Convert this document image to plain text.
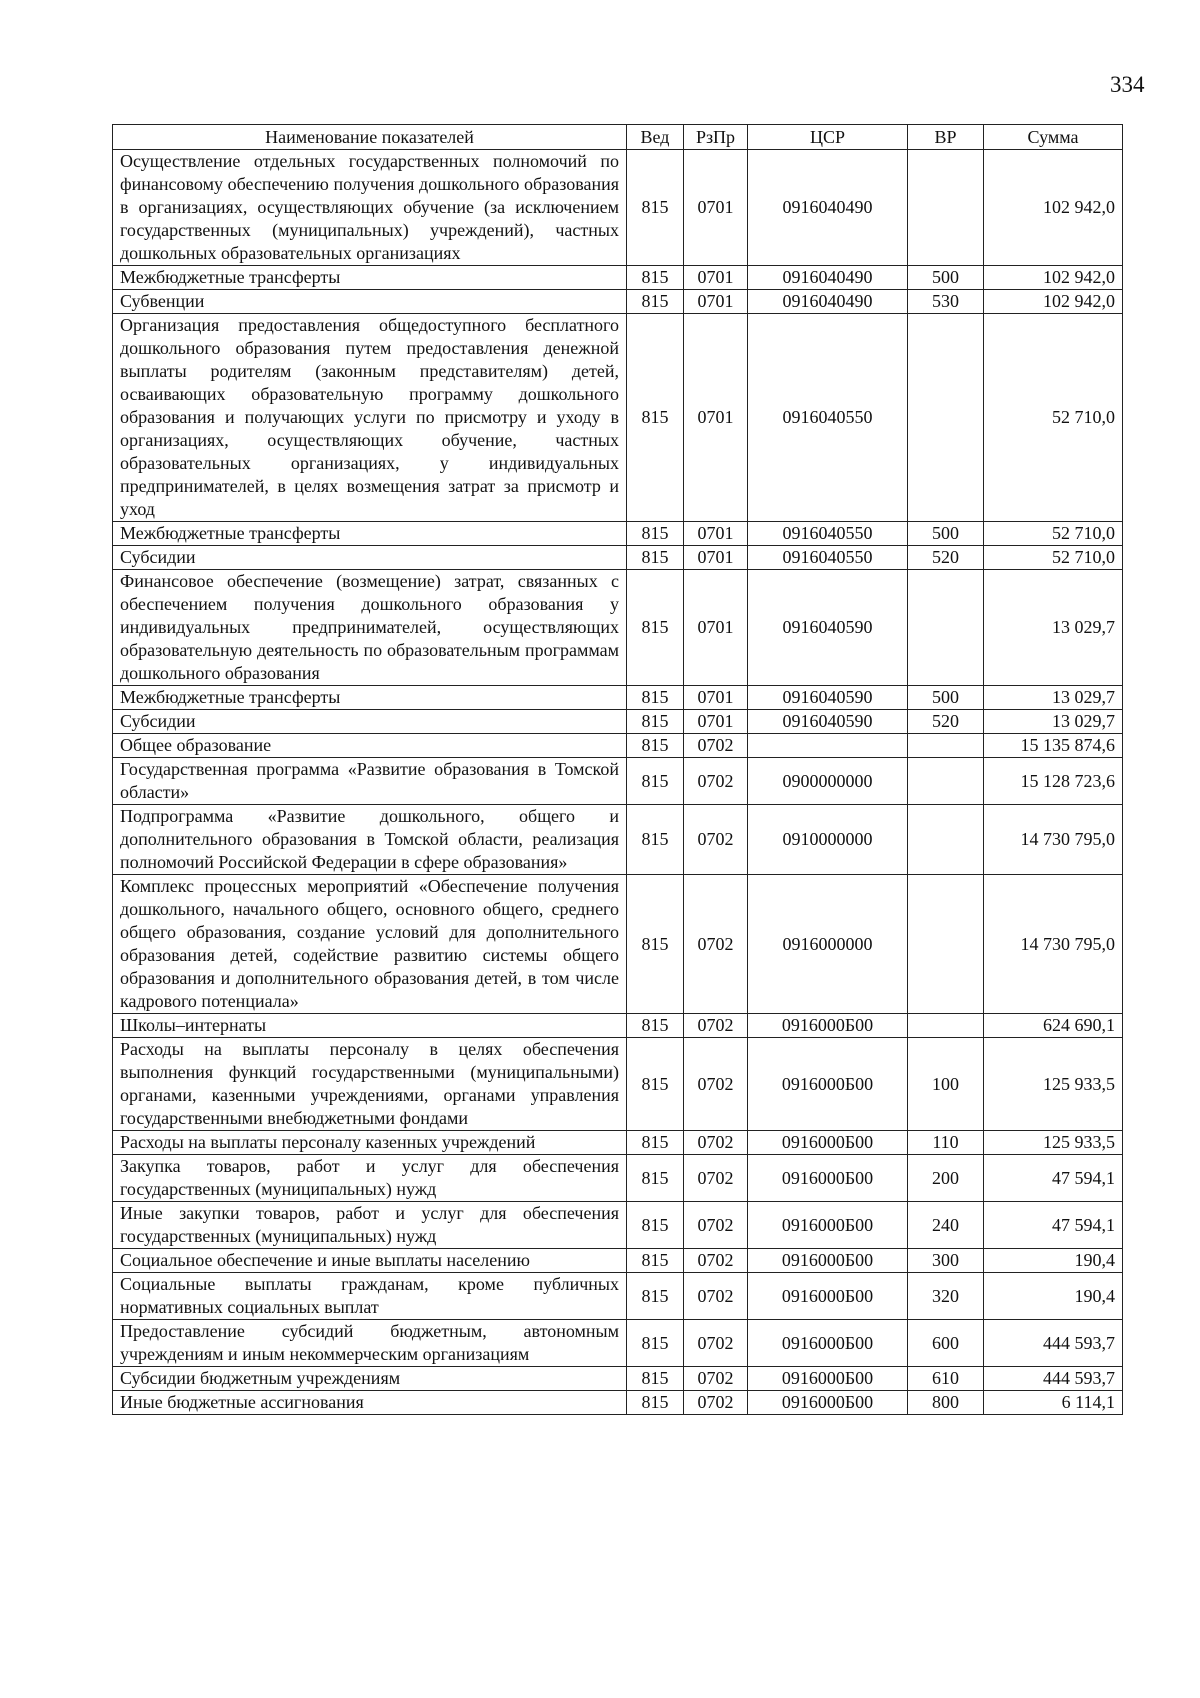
334
Наименование показателей	Вед	РзПр	ЦСР	ВР	Сумма
Осуществление отдельных государственных полномочий по финансовому обеспечению получения дошкольного образования в организациях, осуществляющих обучение (за исключением государственных (муниципальных) учреждений), частных дошкольных образовательных организациях	815	0701	0916040490		102 942,0
Межбюджетные трансферты	815	0701	0916040490	500	102 942,0
Субвенции	815	0701	0916040490	530	102 942,0
Организация предоставления общедоступного бесплатного дошкольного образования путем предоставления денежной выплаты родителям (законным представителям) детей, осваивающих образовательную программу дошкольного образования и получающих услуги по присмотру и уходу в организациях, осуществляющих обучение, частных образовательных организациях, у индивидуальных предпринимателей, в целях возмещения затрат за присмотр и уход	815	0701	0916040550		52 710,0
Межбюджетные трансферты	815	0701	0916040550	500	52 710,0
Субсидии	815	0701	0916040550	520	52 710,0
Финансовое обеспечение (возмещение) затрат, связанных с обеспечением получения дошкольного образования у индивидуальных предпринимателей, осуществляющих образовательную деятельность по образовательным программам дошкольного образования	815	0701	0916040590		13 029,7
Межбюджетные трансферты	815	0701	0916040590	500	13 029,7
Субсидии	815	0701	0916040590	520	13 029,7
Общее образование	815	0702			15 135 874,6
Государственная программа «Развитие образования в Томской области»	815	0702	0900000000		15 128 723,6
Подпрограмма «Развитие дошкольного, общего и дополнительного образования в Томской области, реализация полномочий Российской Федерации в сфере образования»	815	0702	0910000000		14 730 795,0
Комплекс процессных мероприятий «Обеспечение получения дошкольного, начального общего, основного общего, среднего общего образования, создание условий для дополнительного образования детей, содействие развитию системы общего образования и дополнительного образования детей, в том числе кадрового потенциала»	815	0702	0916000000		14 730 795,0
Школы–интернаты	815	0702	0916000Б00		624 690,1
Расходы на выплаты персоналу в целях обеспечения выполнения функций государственными (муниципальными) органами, казенными учреждениями, органами управления государственными внебюджетными фондами	815	0702	0916000Б00	100	125 933,5
Расходы на выплаты персоналу казенных учреждений	815	0702	0916000Б00	110	125 933,5
Закупка товаров, работ и услуг для обеспечения государственных (муниципальных) нужд	815	0702	0916000Б00	200	47 594,1
Иные закупки товаров, работ и услуг для обеспечения государственных (муниципальных) нужд	815	0702	0916000Б00	240	47 594,1
Социальное обеспечение и иные выплаты населению	815	0702	0916000Б00	300	190,4
Социальные выплаты гражданам, кроме публичных нормативных социальных выплат	815	0702	0916000Б00	320	190,4
Предоставление субсидий бюджетным, автономным учреждениям и иным некоммерческим организациям	815	0702	0916000Б00	600	444 593,7
Субсидии бюджетным учреждениям	815	0702	0916000Б00	610	444 593,7
Иные бюджетные ассигнования	815	0702	0916000Б00	800	6 114,1
